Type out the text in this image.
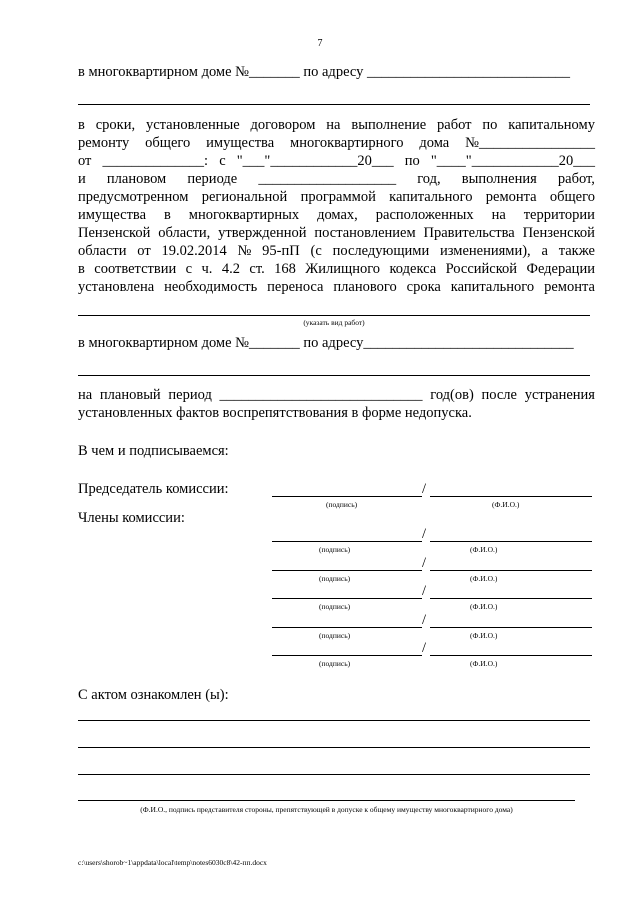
7
в многоквартирном доме №_______ по адресу ____________________________
в сроки, установленные договором на выполнение работ по капитальному
ремонту общего имущества многоквартирного дома №________________
от ______________: с "___"____________20___ по "____"____________20___
и плановом периоде ___________________ год, выполнения работ,
предусмотренном региональной программой капитального ремонта общего
имущества в многоквартирных домах, расположенных на территории
Пензенской области, утвержденной постановлением Правительства Пензенской
области от 19.02.2014 № 95-пП (с последующими изменениями), а также
в соответствии с ч. 4.2 ст. 168 Жилищного кодекса Российской Федерации
установлена необходимость переноса планового срока капитального ремонта
(указать вид работ)
в многоквартирном доме №_______ по адресу_____________________________
на плановый период ____________________________ год(ов) после устранения
установленных фактов воспрепятствования в форме недопуска.
В чем и подписываемся:
Председатель комиссии:
Члены комиссии:
/
(подпись)	(Ф.И.О.)
/
(подпись)	(Ф.И.О.)
/
(подпись)	(Ф.И.О.)
/
(подпись)	(Ф.И.О.)
/
(подпись)	(Ф.И.О.)
/
(подпись)	(Ф.И.О.)
С актом ознакомлен (ы):
(Ф.И.О., подпись представителя стороны, препятствующей в допуске к общему имуществу многоквартирного дома)
c:\users\shorob~1\appdata\local\temp\notes6030c8\42-пп.docx
